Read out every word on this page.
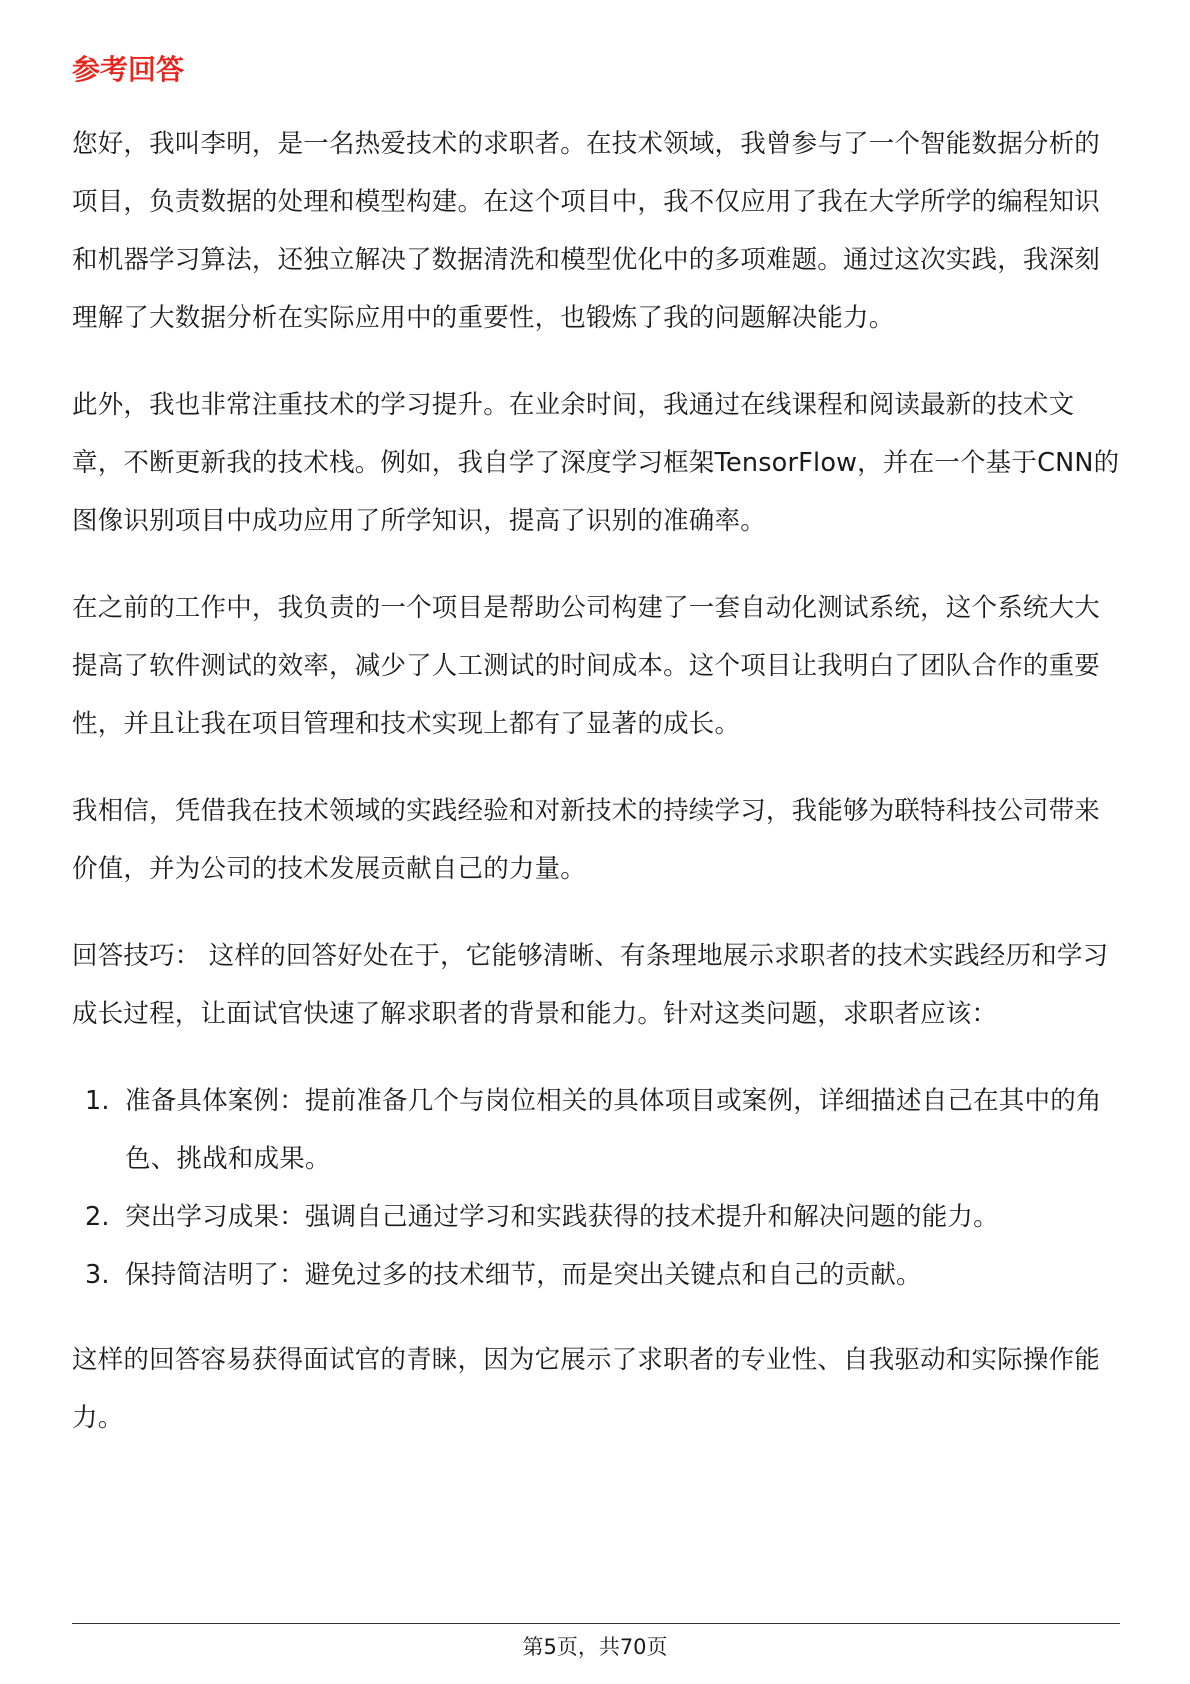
参考回答

您好，我叫李明，是一名热爱技术的求职者。在技术领域，我曾参与了一个智能数据分析的项目，负责数据的处理和模型构建。在这个项目中，我不仅应用了我在大学所学的编程知识和机器学习算法，还独立解决了数据清洗和模型优化中的多项难题。通过这次实践，我深刻理解了大数据分析在实际应用中的重要性，也锻炼了我的问题解决能力。

此外，我也非常注重技术的学习提升。在业余时间，我通过在线课程和阅读最新的技术文章，不断更新我的技术栈。例如，我自学了深度学习框架TensorFlow，并在一个基于CNN的图像识别项目中成功应用了所学知识，提高了识别的准确率。

在之前的工作中，我负责的一个项目是帮助公司构建了一套自动化测试系统，这个系统大大提高了软件测试的效率，减少了人工测试的时间成本。这个项目让我明白了团队合作的重要性，并且让我在项目管理和技术实现上都有了显著的成长。

我相信，凭借我在技术领域的实践经验和对新技术的持续学习，我能够为联特科技公司带来价值，并为公司的技术发展贡献自己的力量。

回答技巧： 这样的回答好处在于，它能够清晰、有条理地展示求职者的技术实践经历和学习成长过程，让面试官快速了解求职者的背景和能力。针对这类问题，求职者应该：

1. 准备具体案例：提前准备几个与岗位相关的具体项目或案例，详细描述自己在其中的角色、挑战和成果。
2. 突出学习成果：强调自己通过学习和实践获得的技术提升和解决问题的能力。
3. 保持简洁明了：避免过多的技术细节，而是突出关键点和自己的贡献。

这样的回答容易获得面试官的青睐，因为它展示了求职者的专业性、自我驱动和实际操作能力。

第5页，共70页
